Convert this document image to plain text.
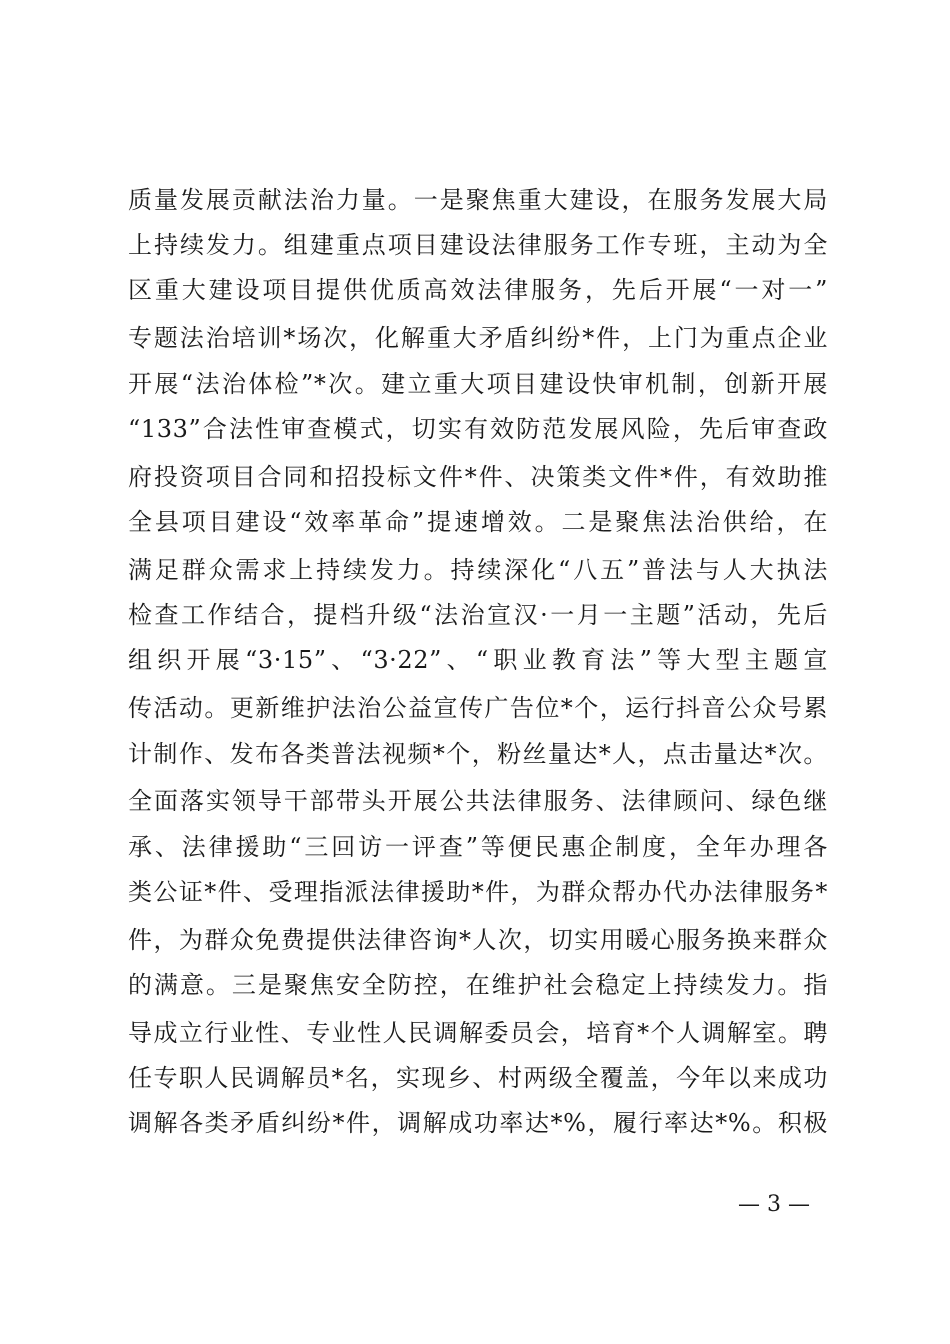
质量发展贡献法治力量。一是聚焦重大建设，在服务发展大局
上持续发力。组建重点项目建设法律服务工作专班，主动为全
区重大建设项目提供优质高效法律服务，先后开展“一对一”
专题法治培训*场次，化解重大矛盾纠纷*件，上门为重点企业
开展“法治体检”*次。建立重大项目建设快审机制，创新开展
“133”合法性审查模式，切实有效防范发展风险，先后审查政
府投资项目合同和招投标文件*件、决策类文件*件，有效助推
全县项目建设“效率革命”提速增效。二是聚焦法治供给，在
满足群众需求上持续发力。持续深化“八五”普法与人大执法
检查工作结合，提档升级“法治宣汉·一月一主题”活动，先后
组织开展“3·15”、“3·22”、“职业教育法”等大型主题宣
传活动。更新维护法治公益宣传广告位*个，运行抖音公众号累
计制作、发布各类普法视频*个，粉丝量达*人，点击量达*次。
全面落实领导干部带头开展公共法律服务、法律顾问、绿色继
承、法律援助“三回访一评查”等便民惠企制度，全年办理各
类公证*件、受理指派法律援助*件，为群众帮办代办法律服务*
件，为群众免费提供法律咨询*人次，切实用暖心服务换来群众
的满意。三是聚焦安全防控，在维护社会稳定上持续发力。指
导成立行业性、专业性人民调解委员会，培育*个人调解室。聘
任专职人民调解员*名，实现乡、村两级全覆盖，今年以来成功
调解各类矛盾纠纷*件，调解成功率达*%，履行率达*%。积极
— 3 —
